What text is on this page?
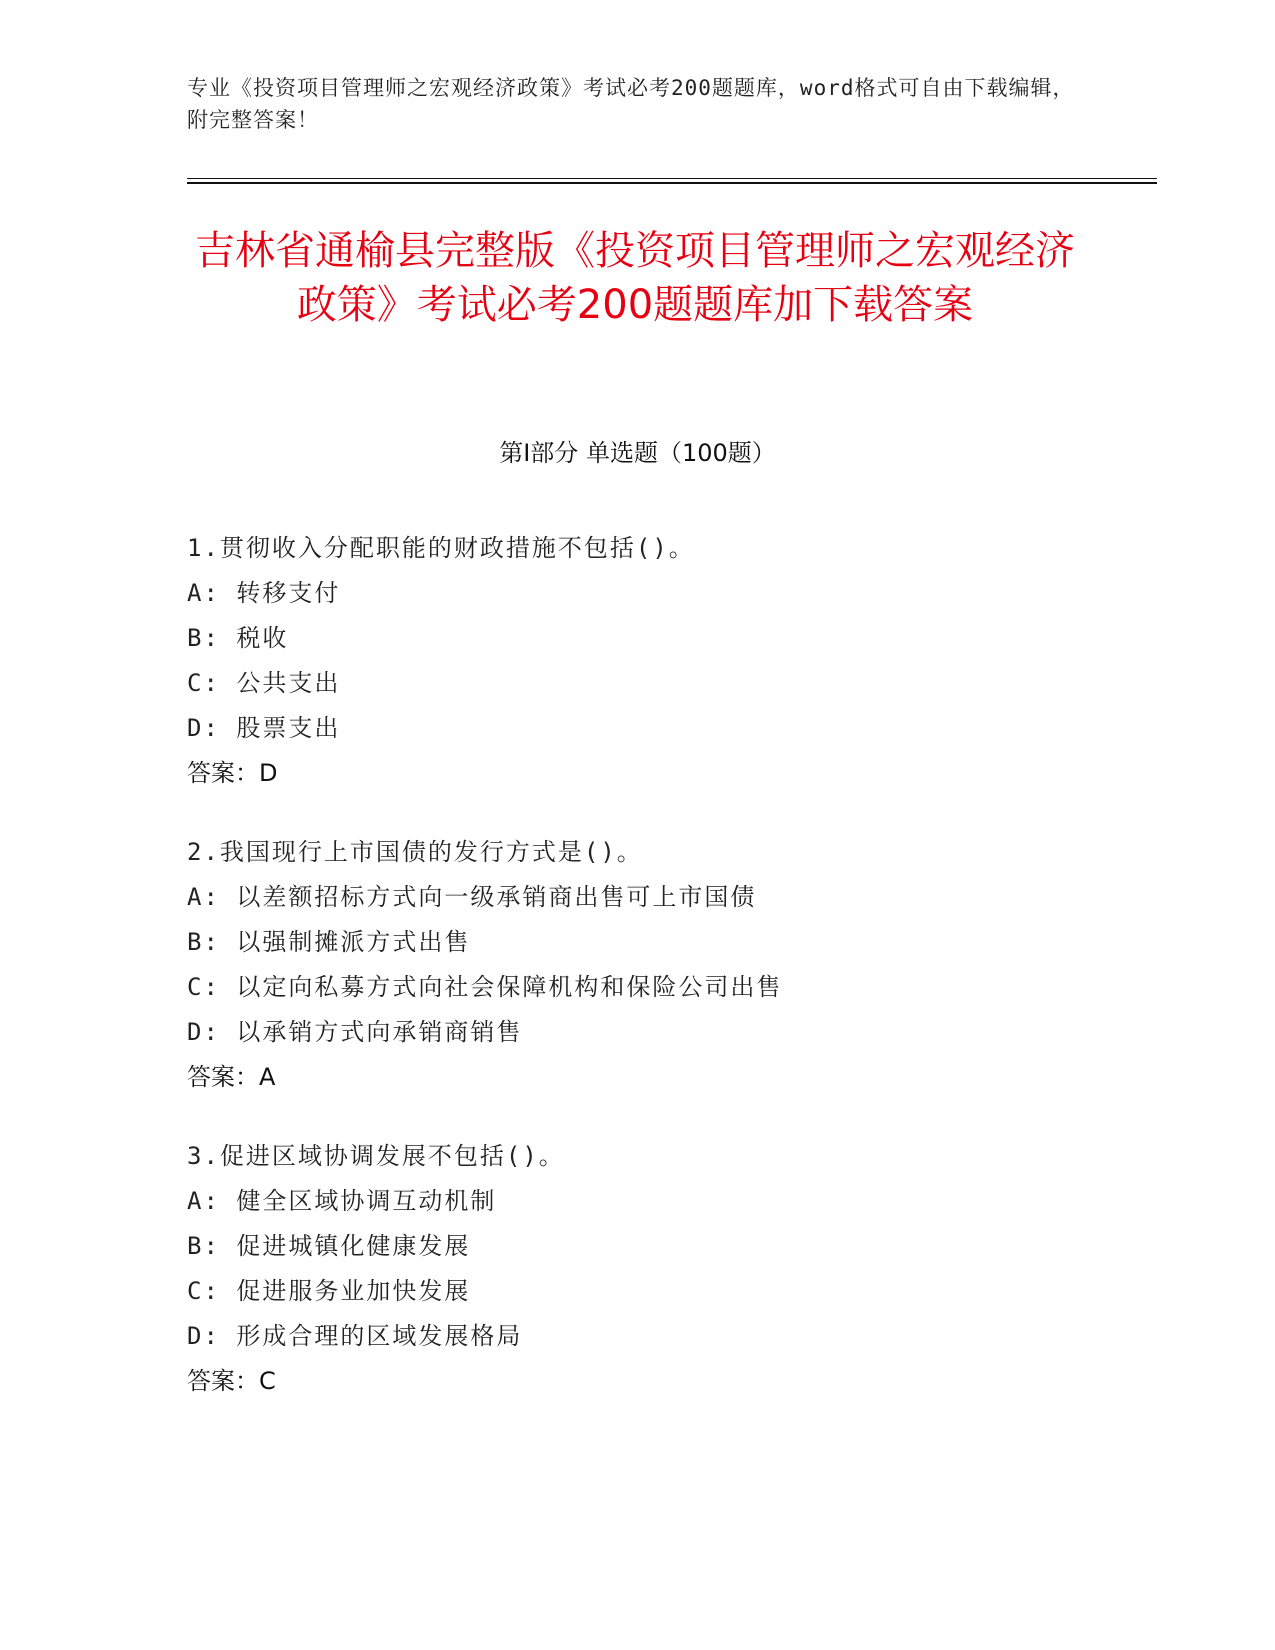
专业《投资项目管理师之宏观经济政策》考试必考200题题库，word格式可自由下载编辑，附完整答案！
吉林省通榆县完整版《投资项目管理师之宏观经济政策》考试必考200题题库加下载答案
第I部分 单选题（100题）
1.贯彻收入分配职能的财政措施不包括()。
A: 转移支付
B: 税收
C: 公共支出
D: 股票支出
答案：D
2.我国现行上市国债的发行方式是()。
A: 以差额招标方式向一级承销商出售可上市国债
B: 以强制摊派方式出售
C: 以定向私募方式向社会保障机构和保险公司出售
D: 以承销方式向承销商销售
答案：A
3.促进区域协调发展不包括()。
A: 健全区域协调互动机制
B: 促进城镇化健康发展
C: 促进服务业加快发展
D: 形成合理的区域发展格局
答案：C
